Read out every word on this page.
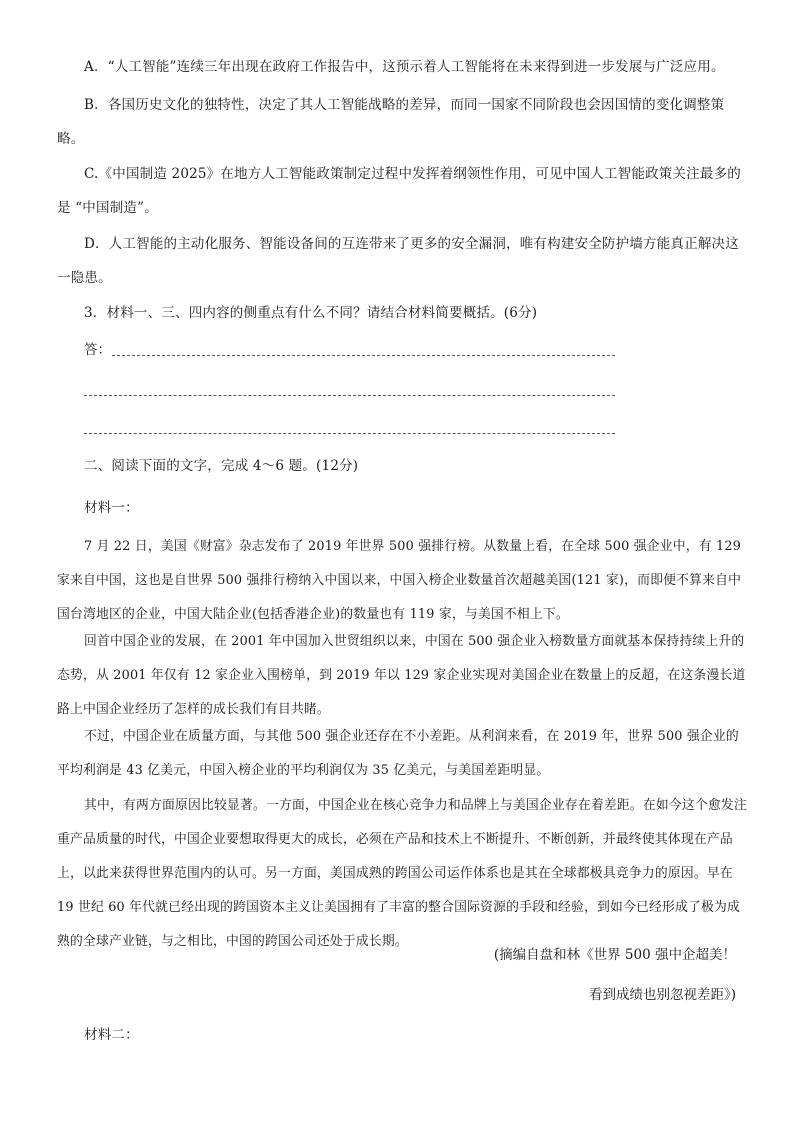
A．“人工智能”连续三年出现在政府工作报告中，这预示着人工智能将在未来得到进一步发展与广泛应用。

B．各国历史文化的独特性，决定了其人工智能战略的差异，而同一国家不同阶段也会因国情的变化调整策略。

C.《中国制造 2025》在地方人工智能政策制定过程中发挥着纲领性作用，可见中国人工智能政策关注最多的是 “中国制造”。

D．人工智能的主动化服务、智能设备间的互连带来了更多的安全漏洞，唯有构建安全防护墙方能真正解决这一隐患。

3．材料一、三、四内容的侧重点有什么不同？请结合材料简要概括。(6分)

答：

二、阅读下面的文字，完成 4～6 题。(12分)

材料一：

7 月 22 日，美国《财富》杂志发布了 2019 年世界 500 强排行榜。从数量上看，在全球 500 强企业中，有 129 家来自中国，这也是自世界 500 强排行榜纳入中国以来，中国入榜企业数量首次超越美国(121 家)，而即便不算来自中国台湾地区的企业，中国大陆企业(包括香港企业)的数量也有 119 家，与美国不相上下。

回首中国企业的发展，在 2001 年中国加入世贸组织以来，中国在 500 强企业入榜数量方面就基本保持持续上升的态势，从 2001 年仅有 12 家企业入围榜单，到 2019 年以 129 家企业实现对美国企业在数量上的反超，在这条漫长道路上中国企业经历了怎样的成长我们有目共睹。

不过，中国企业在质量方面，与其他 500 强企业还存在不小差距。从利润来看，在 2019 年，世界 500 强企业的平均利润是 43 亿美元，中国入榜企业的平均利润仅为 35 亿美元，与美国差距明显。

其中，有两方面原因比较显著。一方面，中国企业在核心竞争力和品牌上与美国企业存在着差距。在如今这个愈发注重产品质量的时代，中国企业要想取得更大的成长，必须在产品和技术上不断提升、不断创新，并最终使其体现在产品上，以此来获得世界范围内的认可。另一方面，美国成熟的跨国公司运作体系也是其在全球都极具竞争力的原因。早在 19 世纪 60 年代就已经出现的跨国资本主义让美国拥有了丰富的整合国际资源的手段和经验，到如今已经形成了极为成熟的全球产业链，与之相比，中国的跨国公司还处于成长期。

(摘编自盘和林《世界 500 强中企超美！
看到成绩也别忽视差距》)

材料二：
